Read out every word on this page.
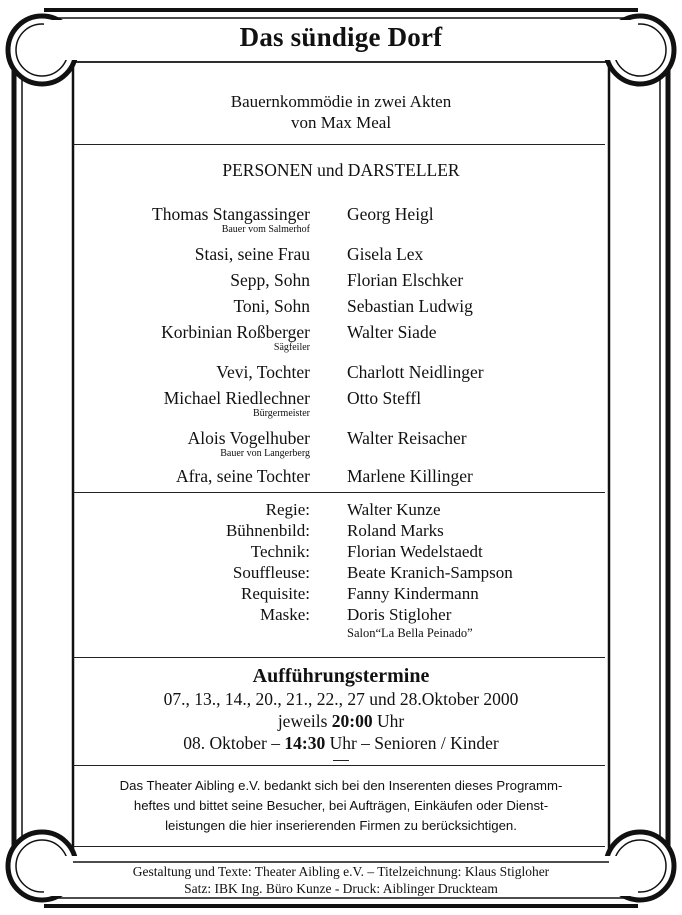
Das sündige Dorf
Bauernkommödie in zwei Akten
von Max Meal
PERSONEN und DARSTELLER
Thomas Stangassinger
Bauer vom Salmerhof
Georg Heigl
Stasi, seine Frau Gisela Lex
Sepp, Sohn Florian Elschker
Toni, Sohn Sebastian Ludwig
Korbinian Roßberger
Sägfeiler
Walter Siade
Vevi, Tochter Charlott Neidlinger
Michael Riedlechner
Bürgermeister
Otto Steffl
Alois Vogelhuber
Bauer von Langerberg
Walter Reisacher
Afra, seine Tochter Marlene Killinger
Regie: Walter Kunze
Bühnenbild: Roland Marks
Technik: Florian Wedelstaedt
Souffleuse: Beate Kranich-Sampson
Requisite: Fanny Kindermann
Maske: Doris Stigloher
Salon“La Bella Peinado”
Aufführungstermine
07., 13., 14., 20., 21., 22., 27 und 28.Oktober 2000
jeweils 20:00 Uhr
08. Oktober – 14:30 Uhr – Senioren / Kinder
Das Theater Aibling e.V. bedankt sich bei den Inserenten dieses Programm-
heftes und bittet seine Besucher, bei Aufträgen, Einkäufen oder Dienst-
leistungen die hier inserierenden Firmen zu berücksichtigen.
Gestaltung und Texte: Theater Aibling e.V. – Titelzeichnung: Klaus Stigloher
Satz: IBK Ing. Büro Kunze - Druck: Aiblinger Druckteam
